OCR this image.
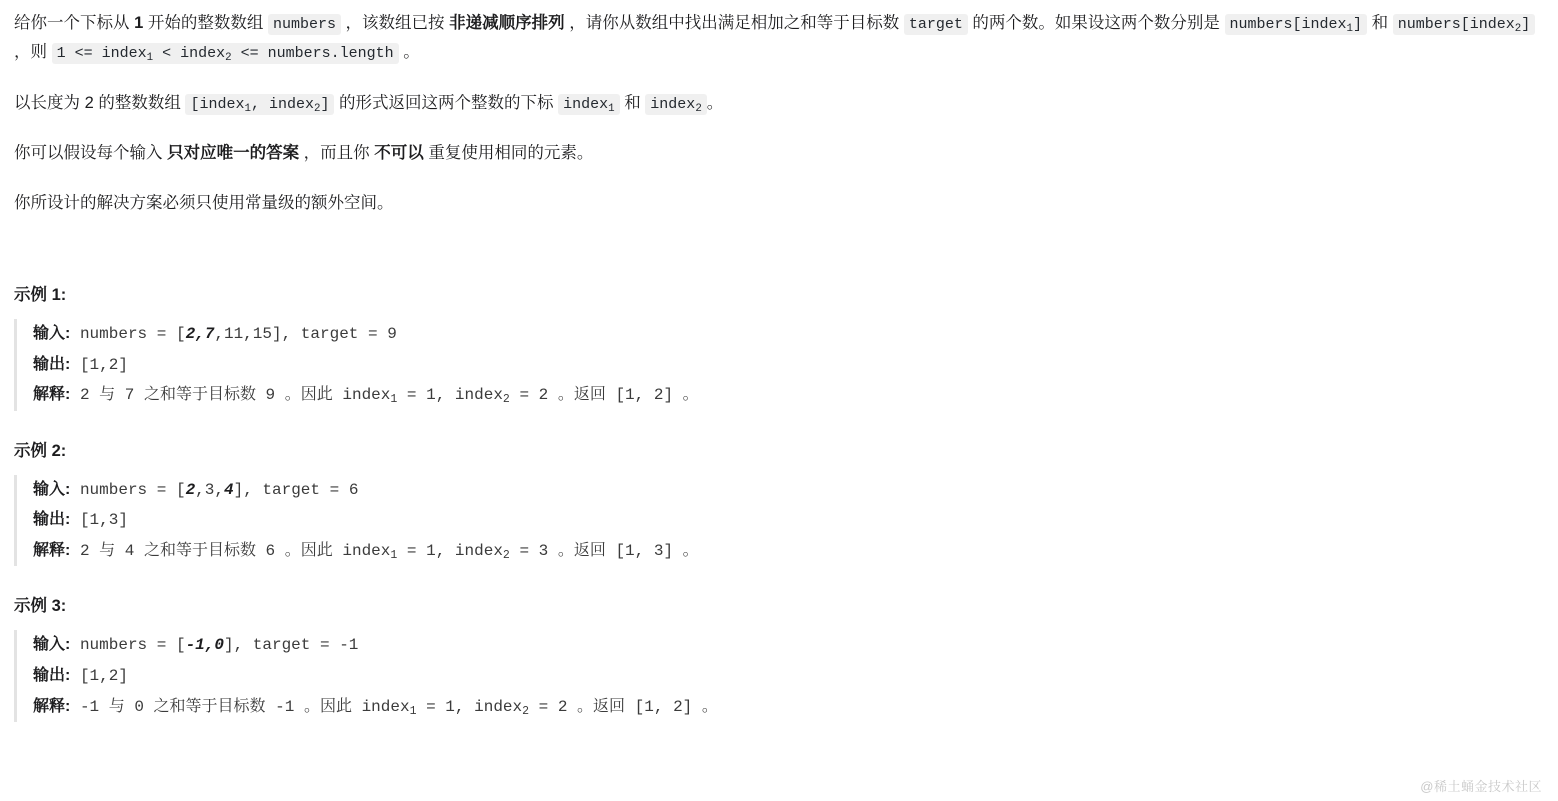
给你一个下标从 1 开始的整数数组 numbers ，该数组已按 非递减顺序排列 ，请你从数组中找出满足相加之和等于目标数 target 的两个数。如果设这两个数分别是 numbers[index$_1$] 和 numbers[index$_2$] ，则 1 <= index$_1$ < index$_2$ <= numbers.length 。

以长度为 2 的整数数组 [index$_1$, index$_2$] 的形式返回这两个整数的下标 index$_1$ 和 index$_2$ 。

你可以假设每个输入 只对应唯一的答案 ，而且你 不可以 重复使用相同的元素。

你所设计的解决方案必须只使用常量级的额外空间。

示例 1:
输入: numbers = [2,7,11,15], target = 9
输出: [1,2]
解释: 2 与 7 之和等于目标数 9 。因此 index$_1$ = 1, index$_2$ = 2 。返回 [1, 2] 。
示例 2:
输入: numbers = [2,3,4], target = 6
输出: [1,3]
解释: 2 与 4 之和等于目标数 6 。因此 index$_1$ = 1, index$_2$ = 3 。返回 [1, 3] 。
示例 3:
输入: numbers = [-1,0], target = -1
输出: [1,2]
解释: -1 与 0 之和等于目标数 -1 。因此 index$_1$ = 1, index$_2$ = 2 。返回 [1, 2] 。
@稀土蛹金技术社区
